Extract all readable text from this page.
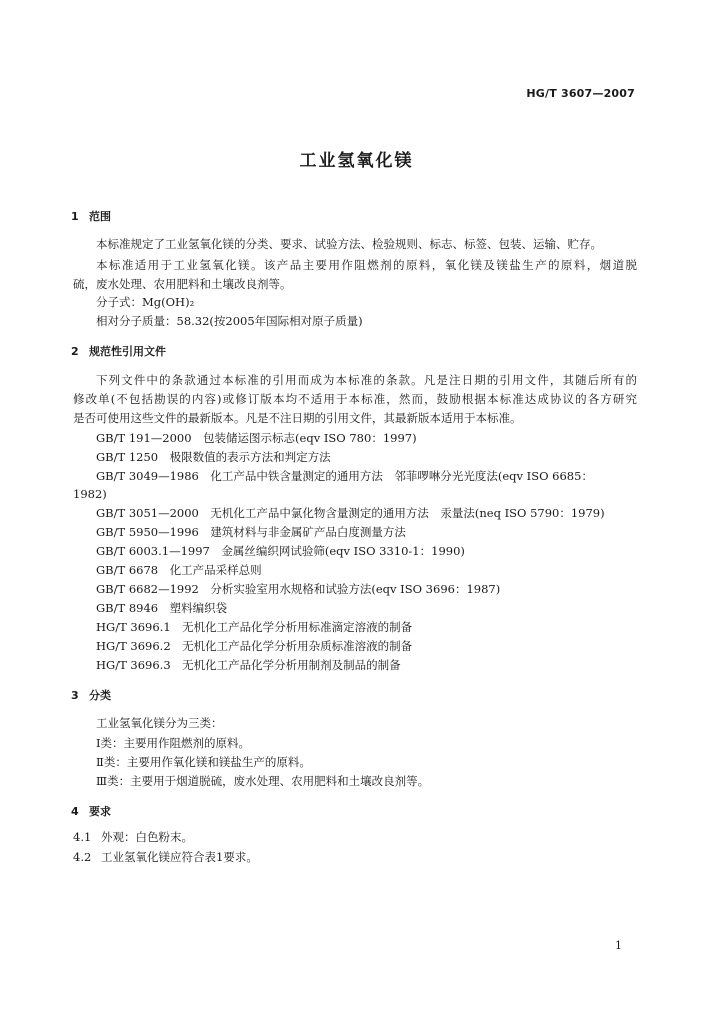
HG/T 3607—2007
工业氢氧化镁
1 范围
本标准规定了工业氢氧化镁的分类、要求、试验方法、检验规则、标志、标签、包装、运输、贮存。
本标准适用于工业氢氧化镁。该产品主要用作阻燃剂的原料，氧化镁及镁盐生产的原料，烟道脱
硫，废水处理、农用肥料和土壤改良剂等。
分子式：Mg(OH)₂
相对分子质量：58.32(按2005年国际相对原子质量)
2 规范性引用文件
下列文件中的条款通过本标准的引用而成为本标准的条款。凡是注日期的引用文件，其随后所有的
修改单(不包括勘误的内容)或修订版本均不适用于本标准，然而，鼓励根据本标准达成协议的各方研究
是否可使用这些文件的最新版本。凡是不注日期的引用文件，其最新版本适用于本标准。
GB/T 191—2000　包装储运图示标志(eqv ISO 780：1997)
GB/T 1250　极限数值的表示方法和判定方法
GB/T 3049—1986　化工产品中铁含量测定的通用方法　邻菲啰啉分光光度法(eqv ISO 6685：
1982)
GB/T 3051—2000　无机化工产品中氯化物含量测定的通用方法　汞量法(neq ISO 5790：1979)
GB/T 5950—1996　建筑材料与非金属矿产品白度测量方法
GB/T 6003.1—1997　金属丝编织网试验筛(eqv ISO 3310-1：1990)
GB/T 6678　化工产品采样总则
GB/T 6682—1992　分析实验室用水规格和试验方法(eqv ISO 3696：1987)
GB/T 8946　塑料编织袋
HG/T 3696.1　无机化工产品化学分析用标准滴定溶液的制备
HG/T 3696.2　无机化工产品化学分析用杂质标准溶液的制备
HG/T 3696.3　无机化工产品化学分析用制剂及制品的制备
3 分类
工业氢氧化镁分为三类：
Ⅰ类：主要用作阻燃剂的原料。
Ⅱ类：主要用作氧化镁和镁盐生产的原料。
Ⅲ类：主要用于烟道脱硫，废水处理、农用肥料和土壤改良剂等。
4 要求
4.1 外观：白色粉末。
4.2 工业氢氧化镁应符合表1要求。
1
